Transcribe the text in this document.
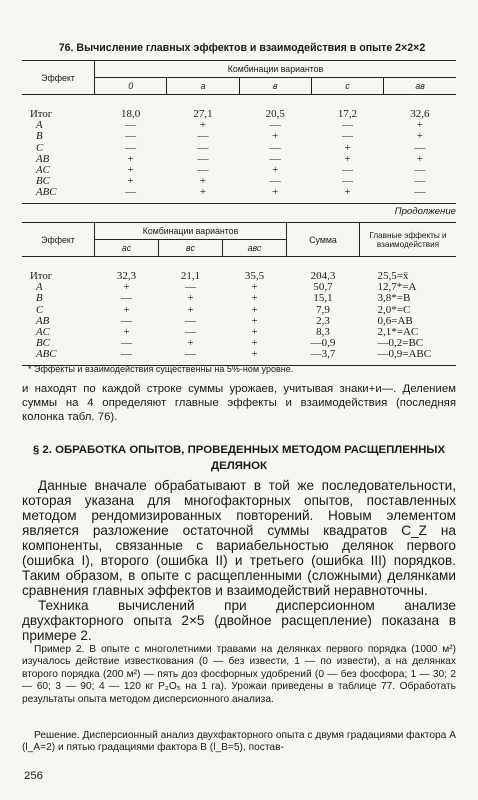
76. Вычисление главных эффектов и взаимодействия в опыте 2×2×2
Эффект	Комбинации вариантов				
	0	a	в	с	ав
Итог	18,0	27,1	20,5	17,2	32,6
A	—	+	—	—	+
B	—	—	+	—	+
C	—	—	—	+	—
AB	+	—	—	+	+
AC	+	—	+	—	—
BC	+	+	—	—	—
ABC	—	+	+	+	—
Продолжение
Эффект	Комбинации вариантов			Сумма	Главные эффекты и взаимодействия
	ас	вс	авс		
Итог	32,3	21,1	35,5	204,3	25,5=x̄
A	+	—	+	50,7	12,7*=A
B	—	+	+	15,1	3,8*=B
C	+	+	+	7,9	2,0*=C
AB	—	—	+	2,3	0,6=AB
AC	+	—	+	8,3	2,1*=AC
BC	—	+	+	—0,9	—0,2=BC
ABC	—	—	+	—3,7	—0,9=ABC
* Эффекты и взаимодействия существенны на 5%-ном уровне.

и находят по каждой строке суммы урожаев, учитывая знаки+и—. Делением суммы на 4 определяют главные эффекты и взаимодействия (последняя колонка табл. 76).

§ 2. ОБРАБОТКА ОПЫТОВ, ПРОВЕДЕННЫХ МЕТОДОМ РАСЩЕПЛЕННЫХ ДЕЛЯНОК

Данные вначале обрабатывают в той же последовательности, которая указана для многофакторных опытов, поставленных методом рендомизированных повторений. Новым элементом является разложение остаточной суммы квадратов C_Z на компоненты, связанные с вариабельностью делянок первого (ошибка I), второго (ошибка II) и третьего (ошибка III) порядков. Таким образом, в опыте с расщепленными (сложными) делянками сравнения главных эффектов и взаимодействий неравноточны.

Техника вычислений при дисперсионном анализе двухфакторного опыта 2×5 (двойное расщепление) показана в примере 2.

Пример 2. В опыте с многолетними травами на делянках первого порядка (1000 м²) изучалось действие известкования (0 — без извести, 1 — по извести), а на делянках второго порядка (200 м²) — пять доз фосфорных удобрений (0 — без фосфора; 1 — 30; 2 — 60; 3 — 90; 4 — 120 кг P₂O₅ на 1 га). Урожаи приведены в таблице 77. Обработать результаты опыта методом дисперсионного анализа.

Решение. Дисперсионный анализ двухфакторного опыта с двумя градациями фактора A (l_A=2) и пятью градациями фактора B (l_B=5), постав-

256
